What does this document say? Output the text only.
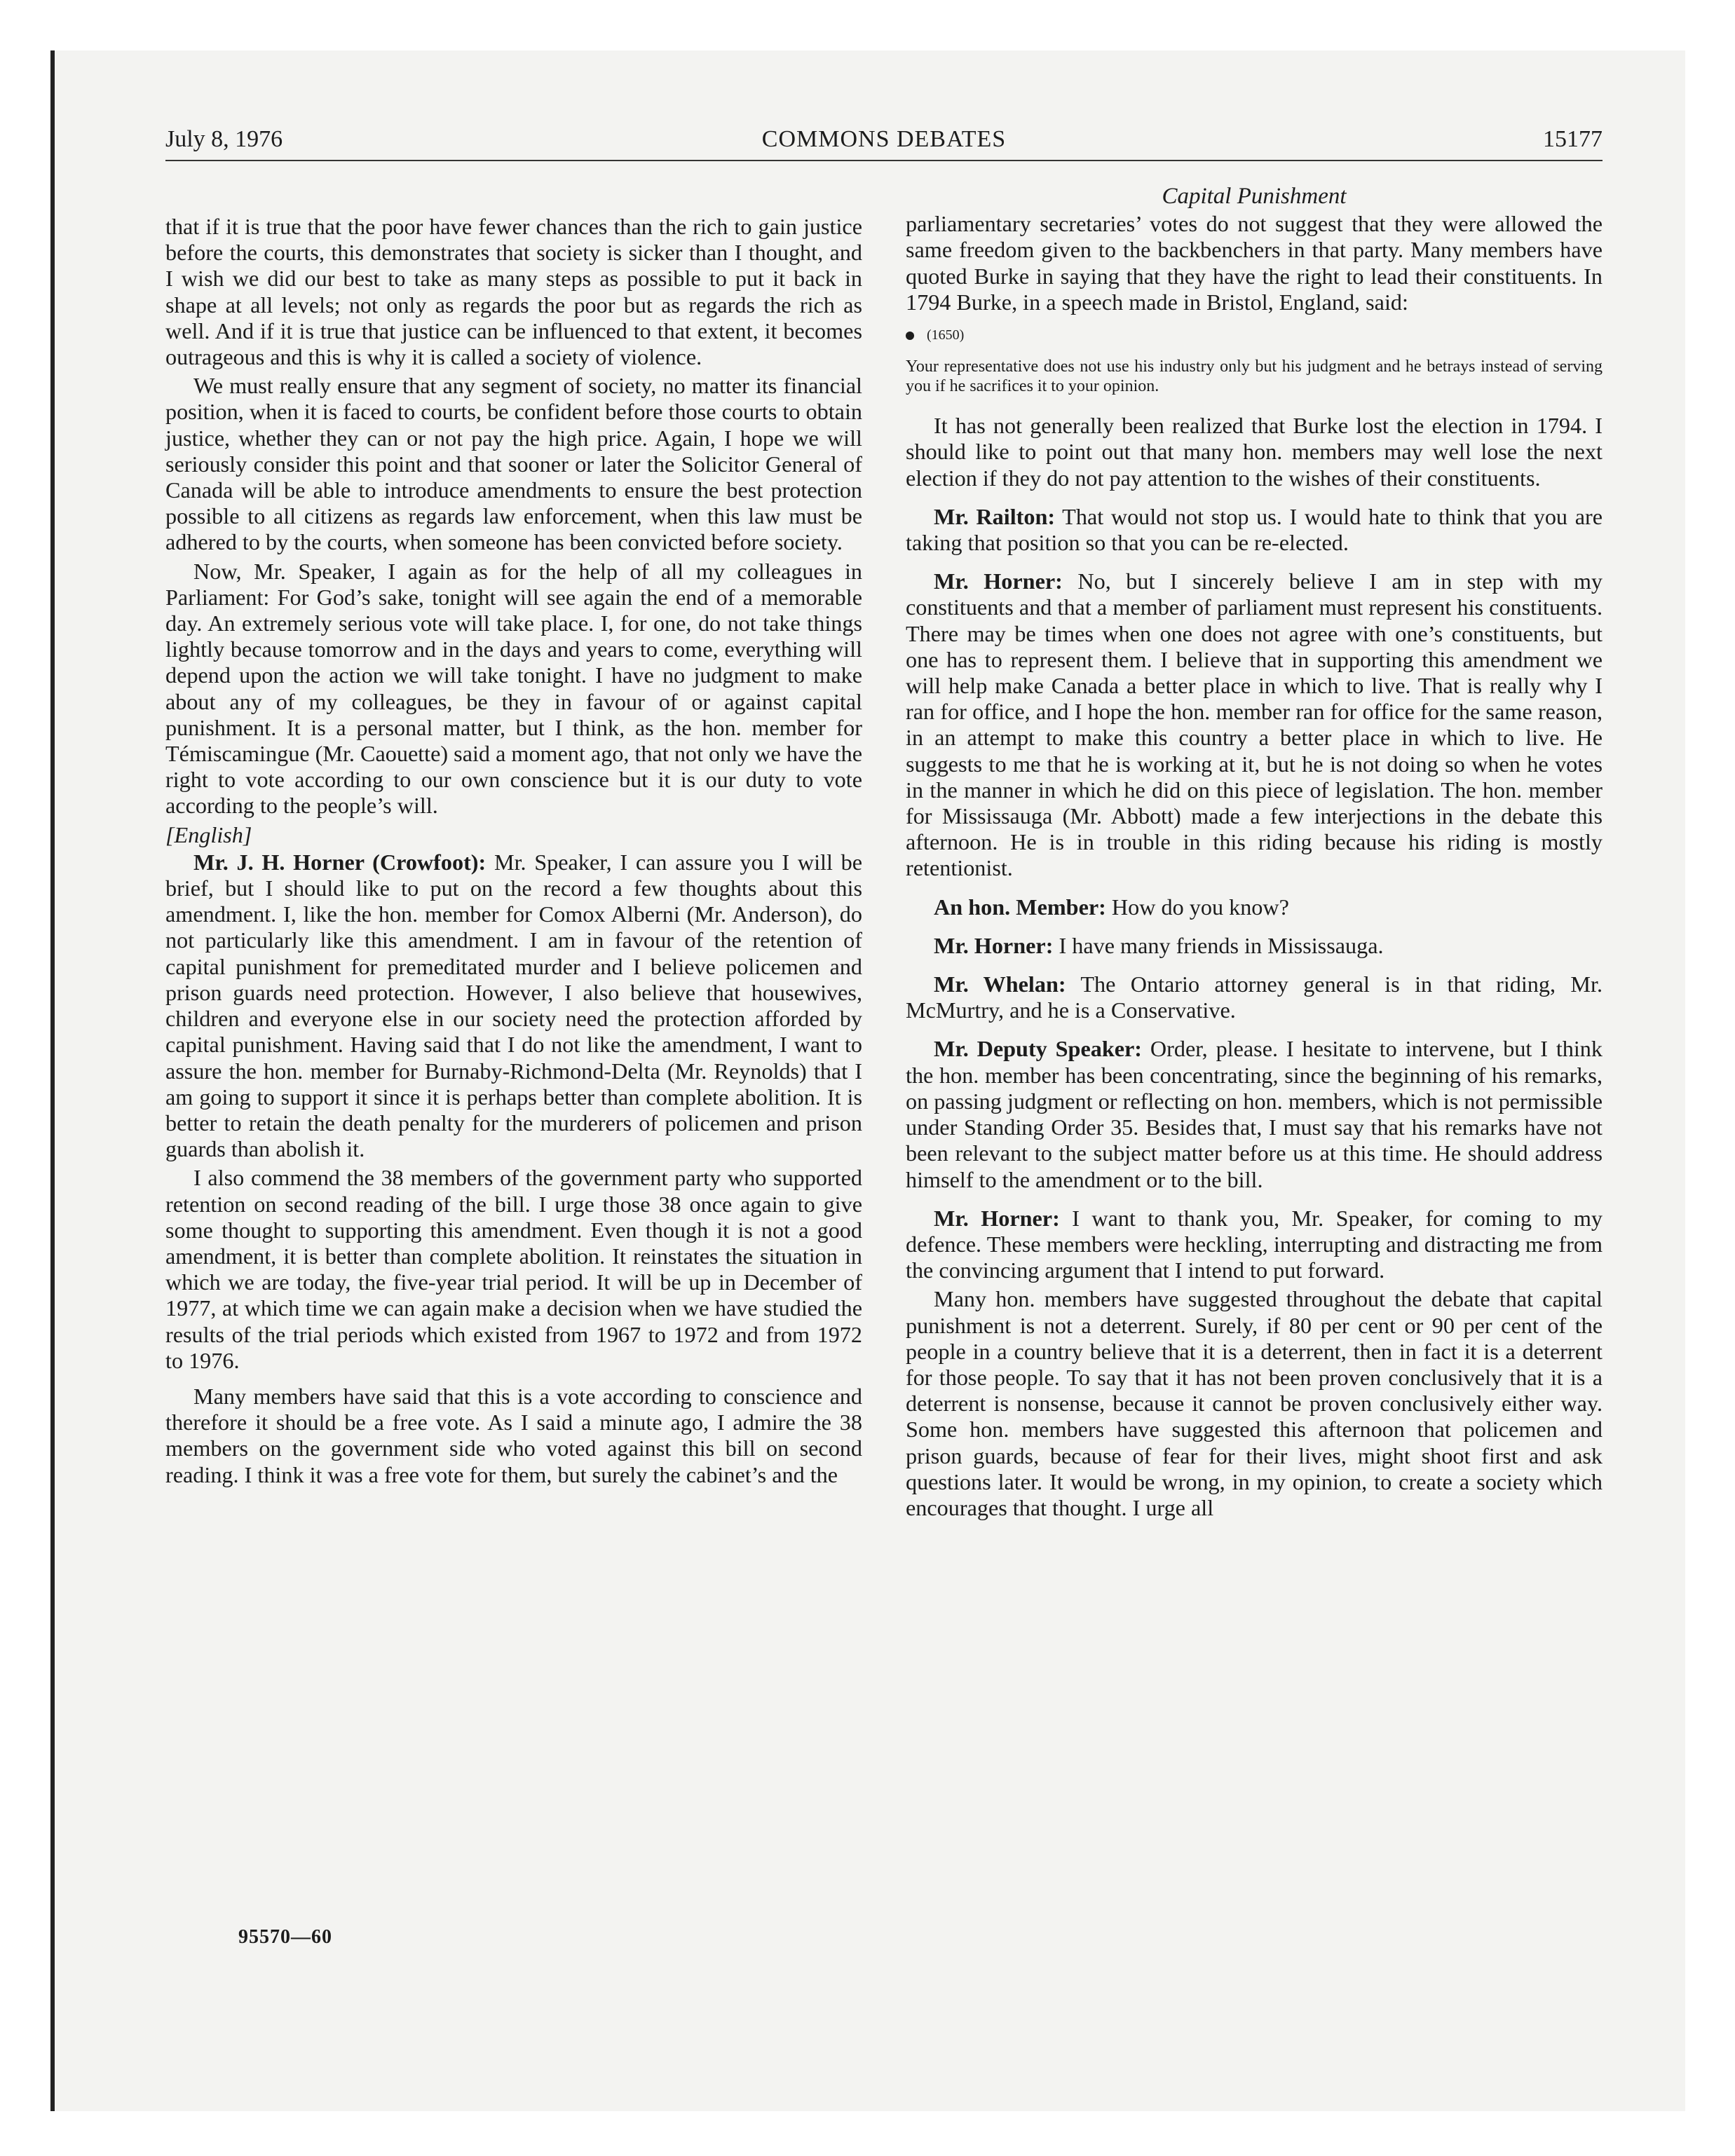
July 8, 1976	COMMONS DEBATES	15177

that if it is true that the poor have fewer chances than the rich to gain justice before the courts, this demonstrates that society is sicker than I thought, and I wish we did our best to take as many steps as possible to put it back in shape at all levels; not only as regards the poor but as regards the rich as well. And if it is true that justice can be influenced to that extent, it becomes outrageous and this is why it is called a society of violence.

We must really ensure that any segment of society, no matter its financial position, when it is faced to courts, be confident before those courts to obtain justice, whether they can or not pay the high price. Again, I hope we will seriously consider this point and that sooner or later the Solicitor General of Canada will be able to introduce amendments to ensure the best protection possible to all citizens as regards law enforcement, when this law must be adhered to by the courts, when someone has been convicted before society.

Now, Mr. Speaker, I again as for the help of all my colleagues in Parliament: For God’s sake, tonight will see again the end of a memorable day. An extremely serious vote will take place. I, for one, do not take things lightly because tomorrow and in the days and years to come, everything will depend upon the action we will take tonight. I have no judgment to make about any of my colleagues, be they in favour of or against capital punishment. It is a personal matter, but I think, as the hon. member for Témiscamingue (Mr. Caouette) said a moment ago, that not only we have the right to vote according to our own conscience but it is our duty to vote according to the people’s will.

[English]

Mr. J. H. Horner (Crowfoot): Mr. Speaker, I can assure you I will be brief, but I should like to put on the record a few thoughts about this amendment. I, like the hon. member for Comox Alberni (Mr. Anderson), do not particularly like this amendment. I am in favour of the retention of capital punishment for premeditated murder and I believe policemen and prison guards need protection. However, I also believe that housewives, children and everyone else in our society need the protection afforded by capital punishment. Having said that I do not like the amendment, I want to assure the hon. member for Burnaby-Richmond-Delta (Mr. Reynolds) that I am going to support it since it is perhaps better than complete abolition. It is better to retain the death penalty for the murderers of policemen and prison guards than abolish it.

I also commend the 38 members of the government party who supported retention on second reading of the bill. I urge those 38 once again to give some thought to supporting this amendment. Even though it is not a good amendment, it is better than complete abolition. It reinstates the situation in which we are today, the five-year trial period. It will be up in December of 1977, at which time we can again make a decision when we have studied the results of the trial periods which existed from 1967 to 1972 and from 1972 to 1976.

Many members have said that this is a vote according to conscience and therefore it should be a free vote. As I said a minute ago, I admire the 38 members on the government side who voted against this bill on second reading. I think it was a free vote for them, but surely the cabinet’s and the

Capital Punishment

parliamentary secretaries’ votes do not suggest that they were allowed the same freedom given to the backbenchers in that party. Many members have quoted Burke in saying that they have the right to lead their constituents. In 1794 Burke, in a speech made in Bristol, England, said:

(1650)
Your representative does not use his industry only but his judgment and he betrays instead of serving you if he sacrifices it to your opinion.

It has not generally been realized that Burke lost the election in 1794. I should like to point out that many hon. members may well lose the next election if they do not pay attention to the wishes of their constituents.

Mr. Railton: That would not stop us. I would hate to think that you are taking that position so that you can be re-elected.

Mr. Horner: No, but I sincerely believe I am in step with my constituents and that a member of parliament must represent his constituents. There may be times when one does not agree with one’s constituents, but one has to represent them. I believe that in supporting this amendment we will help make Canada a better place in which to live. That is really why I ran for office, and I hope the hon. member ran for office for the same reason, in an attempt to make this country a better place in which to live. He suggests to me that he is working at it, but he is not doing so when he votes in the manner in which he did on this piece of legislation. The hon. member for Mississauga (Mr. Abbott) made a few interjections in the debate this afternoon. He is in trouble in this riding because his riding is mostly retentionist.

An hon. Member: How do you know?

Mr. Horner: I have many friends in Mississauga.

Mr. Whelan: The Ontario attorney general is in that riding, Mr. McMurtry, and he is a Conservative.

Mr. Deputy Speaker: Order, please. I hesitate to intervene, but I think the hon. member has been concentrating, since the beginning of his remarks, on passing judgment or reflecting on hon. members, which is not permissible under Standing Order 35. Besides that, I must say that his remarks have not been relevant to the subject matter before us at this time. He should address himself to the amendment or to the bill.

Mr. Horner: I want to thank you, Mr. Speaker, for coming to my defence. These members were heckling, interrupting and distracting me from the convincing argument that I intend to put forward.

Many hon. members have suggested throughout the debate that capital punishment is not a deterrent. Surely, if 80 per cent or 90 per cent of the people in a country believe that it is a deterrent, then in fact it is a deterrent for those people. To say that it has not been proven conclusively that it is a deterrent is nonsense, because it cannot be proven conclusively either way. Some hon. members have suggested this afternoon that policemen and prison guards, because of fear for their lives, might shoot first and ask questions later. It would be wrong, in my opinion, to create a society which encourages that thought. I urge all

95570—60
